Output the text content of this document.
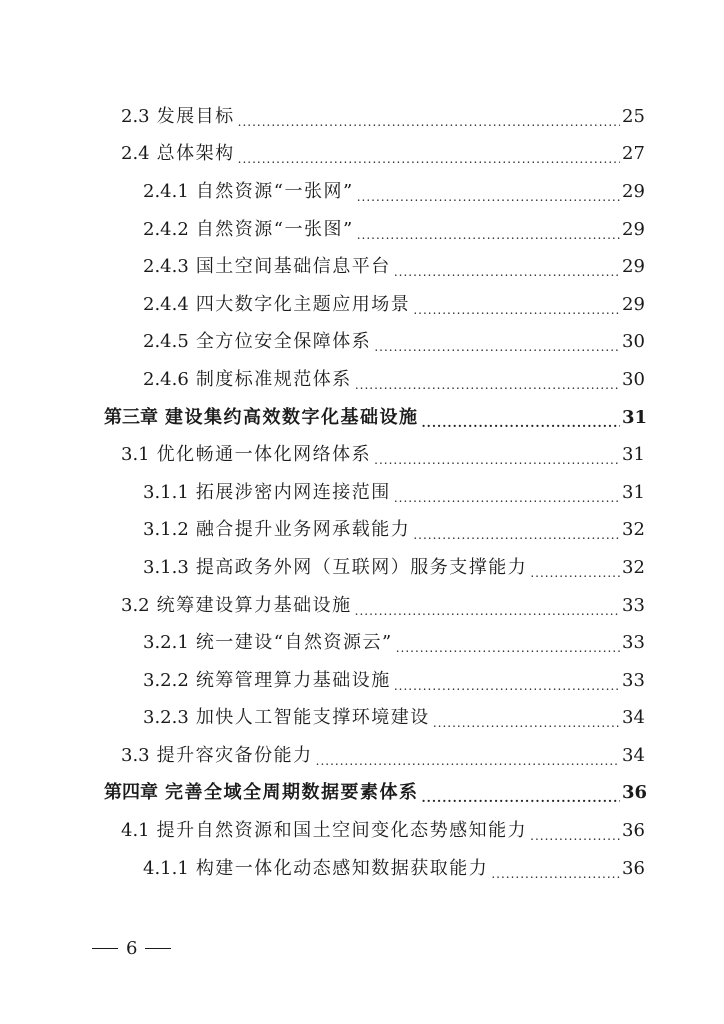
2.3 发展目标 .....	25
2.4 总体架构 .....	27
2.4.1 自然资源“一张网” .....	29
2.4.2 自然资源“一张图” .....	29
2.4.3 国土空间基础信息平台 .....	29
2.4.4 四大数字化主题应用场景 .....	29
2.4.5 全方位安全保障体系 .....	30
2.4.6 制度标准规范体系 .....	30
第三章 建设集约高效数字化基础设施 .....	31
3.1 优化畅通一体化网络体系 .....	31
3.1.1 拓展涉密内网连接范围 .....	31
3.1.2 融合提升业务网承载能力 .....	32
3.1.3 提高政务外网（互联网）服务支撑能力 .....	32
3.2 统筹建设算力基础设施 .....	33
3.2.1 统一建设“自然资源云” .....	33
3.2.2 统筹管理算力基础设施 .....	33
3.2.3 加快人工智能支撑环境建设 .....	34
3.3 提升容灾备份能力 .....	34
第四章 完善全域全周期数据要素体系 .....	36
4.1 提升自然资源和国土空间变化态势感知能力 .....	36
4.1.1 构建一体化动态感知数据获取能力 .....	36
6
